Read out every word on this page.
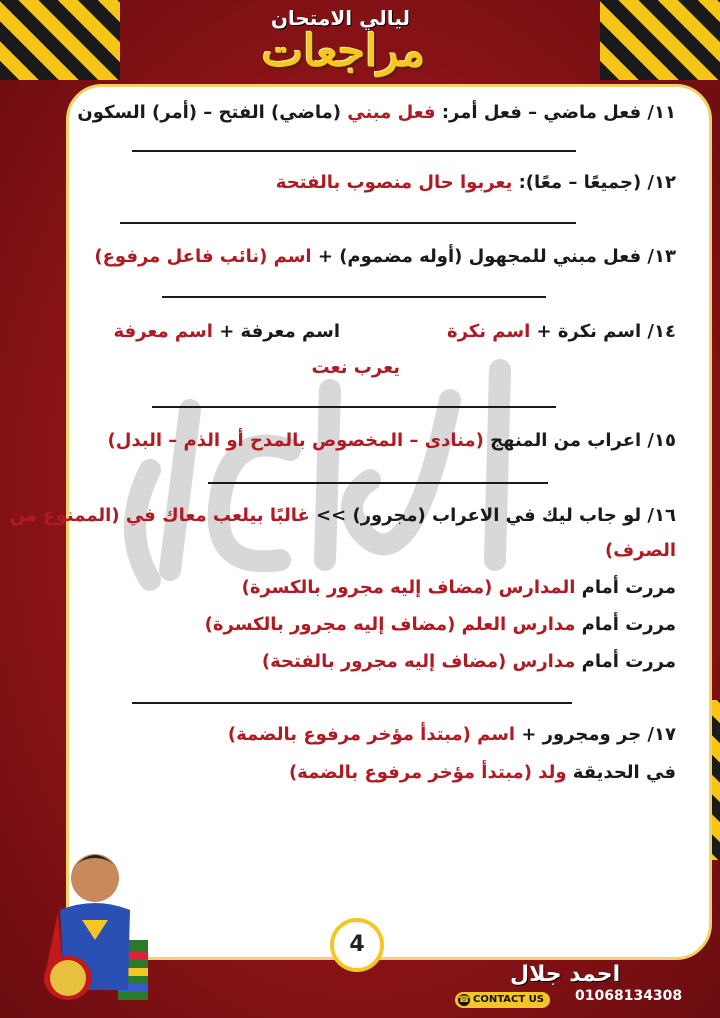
ليالي الامتحان
مراجعات
١١/ فعل ماضي – فعل أمر: فعل مبني (ماضي) الفتح – (أمر) السكون
١٢/ (جميعًا – معًا): يعربوا حال منصوب بالفتحة
١٣/ فعل مبني للمجهول (أوله مضموم) + اسم (نائب فاعل مرفوع)
١٤/ اسم نكرة + اسم نكرة
اسم معرفة + اسم معرفة
يعرب نعت
١٥/ اعراب من المنهج (منادى – المخصوص بالمدح أو الذم – البدل)
١٦/ لو جاب ليك في الاعراب (مجرور) >> غالبًا بيلعب معاك في (الممنوع من
الصرف)
مررت أمام المدارس (مضاف إليه مجرور بالكسرة)
مررت أمام مدارس العلم (مضاف إليه مجرور بالكسرة)
مررت أمام مدارس (مضاف إليه مجرور بالفتحة)
١٧/ جر ومجرور + اسم (مبتدأ مؤخر مرفوع بالضمة)
في الحديقة ولد (مبتدأ مؤخر مرفوع بالضمة)
4
احمد جلال
☎ CONTACT US	01068134308
